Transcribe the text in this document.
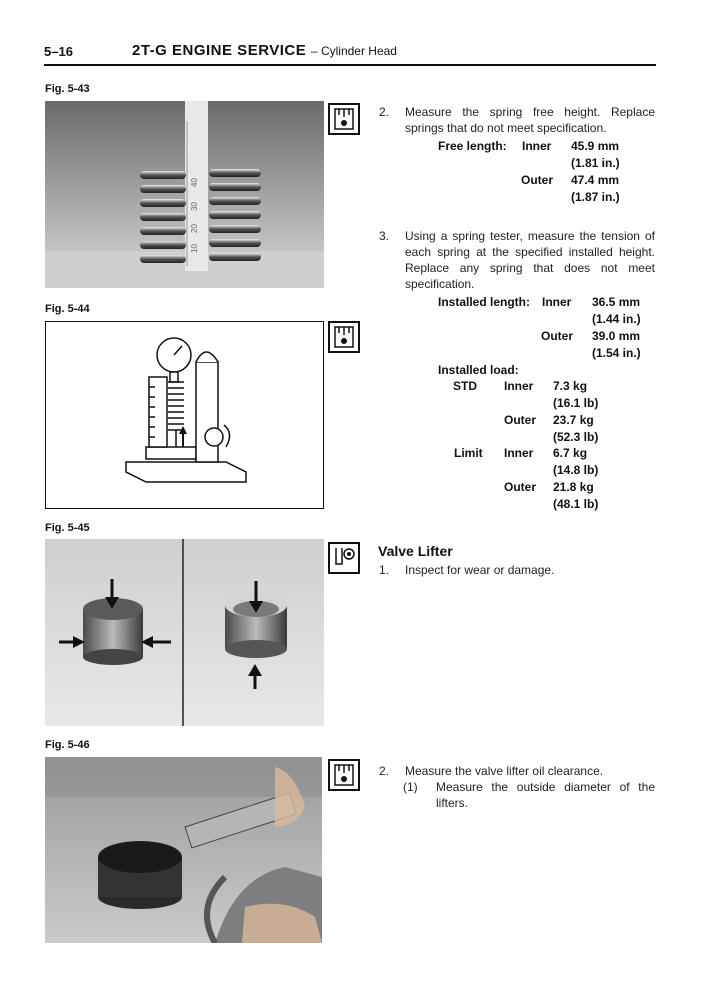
5–16	2T-G ENGINE SERVICE – Cylinder Head
Fig. 5-43
40
30
20
10
2. Measure the spring free height. Replace springs that do not meet specification.
Free length: Inner 45.9 mm
(1.81 in.)
Outer 47.4 mm
(1.87 in.)
3. Using a spring tester, measure the tension of each spring at the specified installed height. Replace any spring that does not meet specification.
Installed length: Inner 36.5 mm
(1.44 in.)
Outer 39.0 mm
(1.54 in.)
Installed load:
STD Inner 7.3 kg
(16.1 lb)
Outer 23.7 kg
(52.3 lb)
Limit Inner 6.7 kg
(14.8 lb)
Outer 21.8 kg
(48.1 lb)
Fig. 5-44
Fig. 5-45
Valve Lifter
1. Inspect for wear or damage.
Fig. 5-46
2. Measure the valve lifter oil clearance.
(1) Measure the outside diameter of the lifters.
